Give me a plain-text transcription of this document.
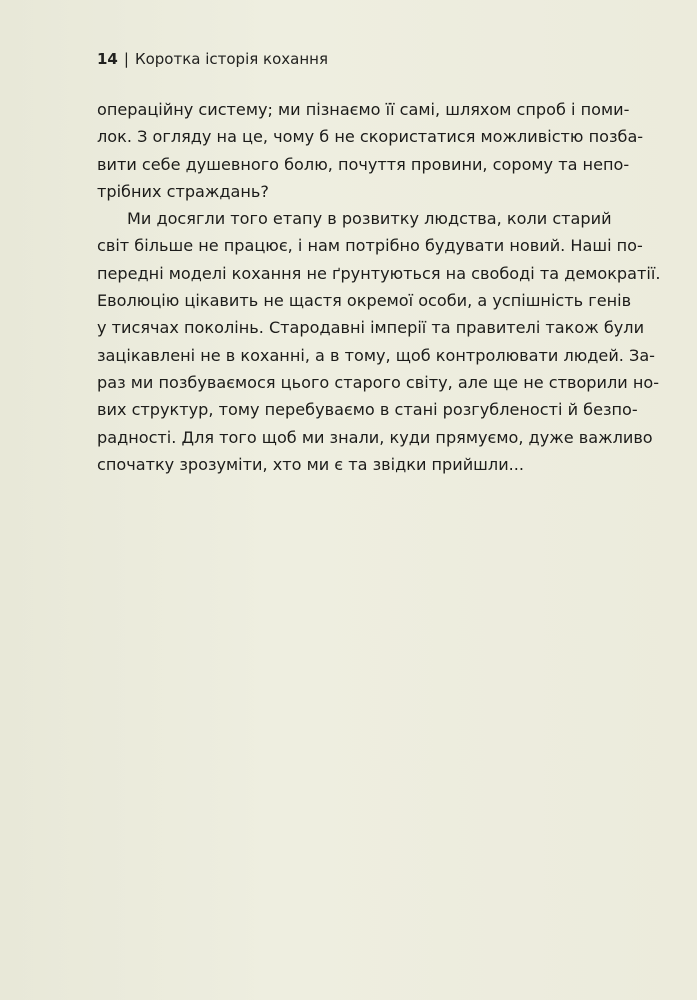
14 | Коротка історія кохання
операційну систему; ми пізнаємо її самі, шляхом спроб і поми-
лок. З огляду на це, чому б не скористатися можливістю позба-
вити себе душевного болю, почуття провини, сорому та непо-
трібних страждань?
Ми досягли того етапу в розвитку людства, коли старий
світ більше не працює, і нам потрібно будувати новий. Наші по-
передні моделі кохання не ґрунтуються на свободі та демократії.
Еволюцію цікавить не щастя окремої особи, а успішність генів
у тисячах поколінь. Стародавні імперії та правителі також були
зацікавлені не в коханні, а в тому, щоб контролювати людей. За-
раз ми позбуваємося цього старого світу, але ще не створили но-
вих структур, тому перебуваємо в стані розгубленості й безпо-
радності. Для того щоб ми знали, куди прямуємо, дуже важливо
спочатку зрозуміти, хто ми є та звідки прийшли...
